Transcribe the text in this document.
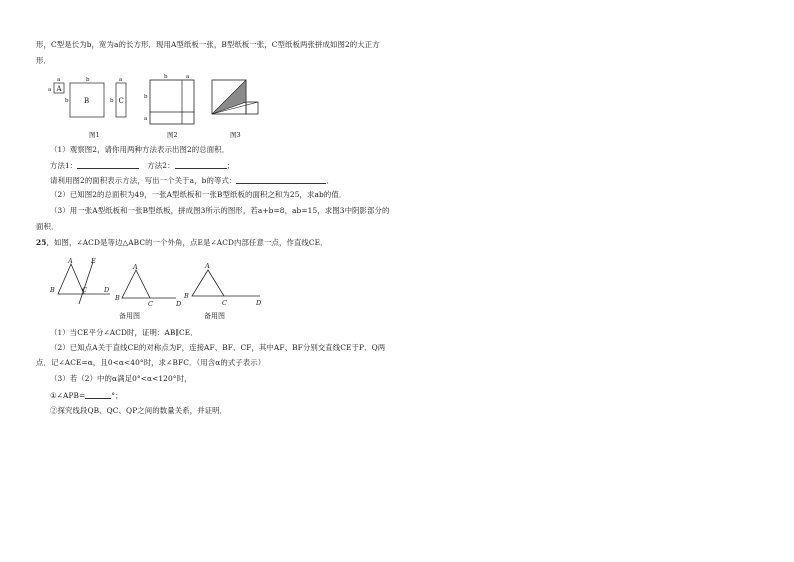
形，C型是长为b，宽为a的长方形．现用A型纸板一张，B型纸板一张，C型纸板两张拼成如图2的大正方
形．
A
a
a
B
b
b	C
b
a
图1
b	a
b
a
图2	图3
（1）观察图2，请你用两种方法表示出图2的总面积．
方法1：	方法2：	；
请利用图2的面积表示方法，写出一个关于a，b的等式：	．
（2）已知图2的总面积为49，一张A型纸板和一张B型纸板的面积之和为25，求ab的值．
（3）用一张A型纸板和一张B型纸板，拼成图3所示的图形，若a+b=8，ab=15，求图3中阴影部分的
面积．
25．如图，∠ACD是等边△ABC的一个外角，点E是∠ACD内部任意一点，作直线CE．
A
B	C	D
E
A
B
C	D
备用图
A
B
C	D
备用图
（1）当CE平分∠ACD时，证明：AB∥CE．
（2）已知点A关于直线CE的对称点为F，连接AF、BF、CF，其中AF、BF分别交直线CE于P、Q两
点．记∠ACE=α，且0<α<40°时，求∠BFC．（用含α的式子表示）
（3）若（2）中的α满足0°<α<120°时，
①∠APB=	°；
②探究线段QB、QC、QP之间的数量关系，并证明．
